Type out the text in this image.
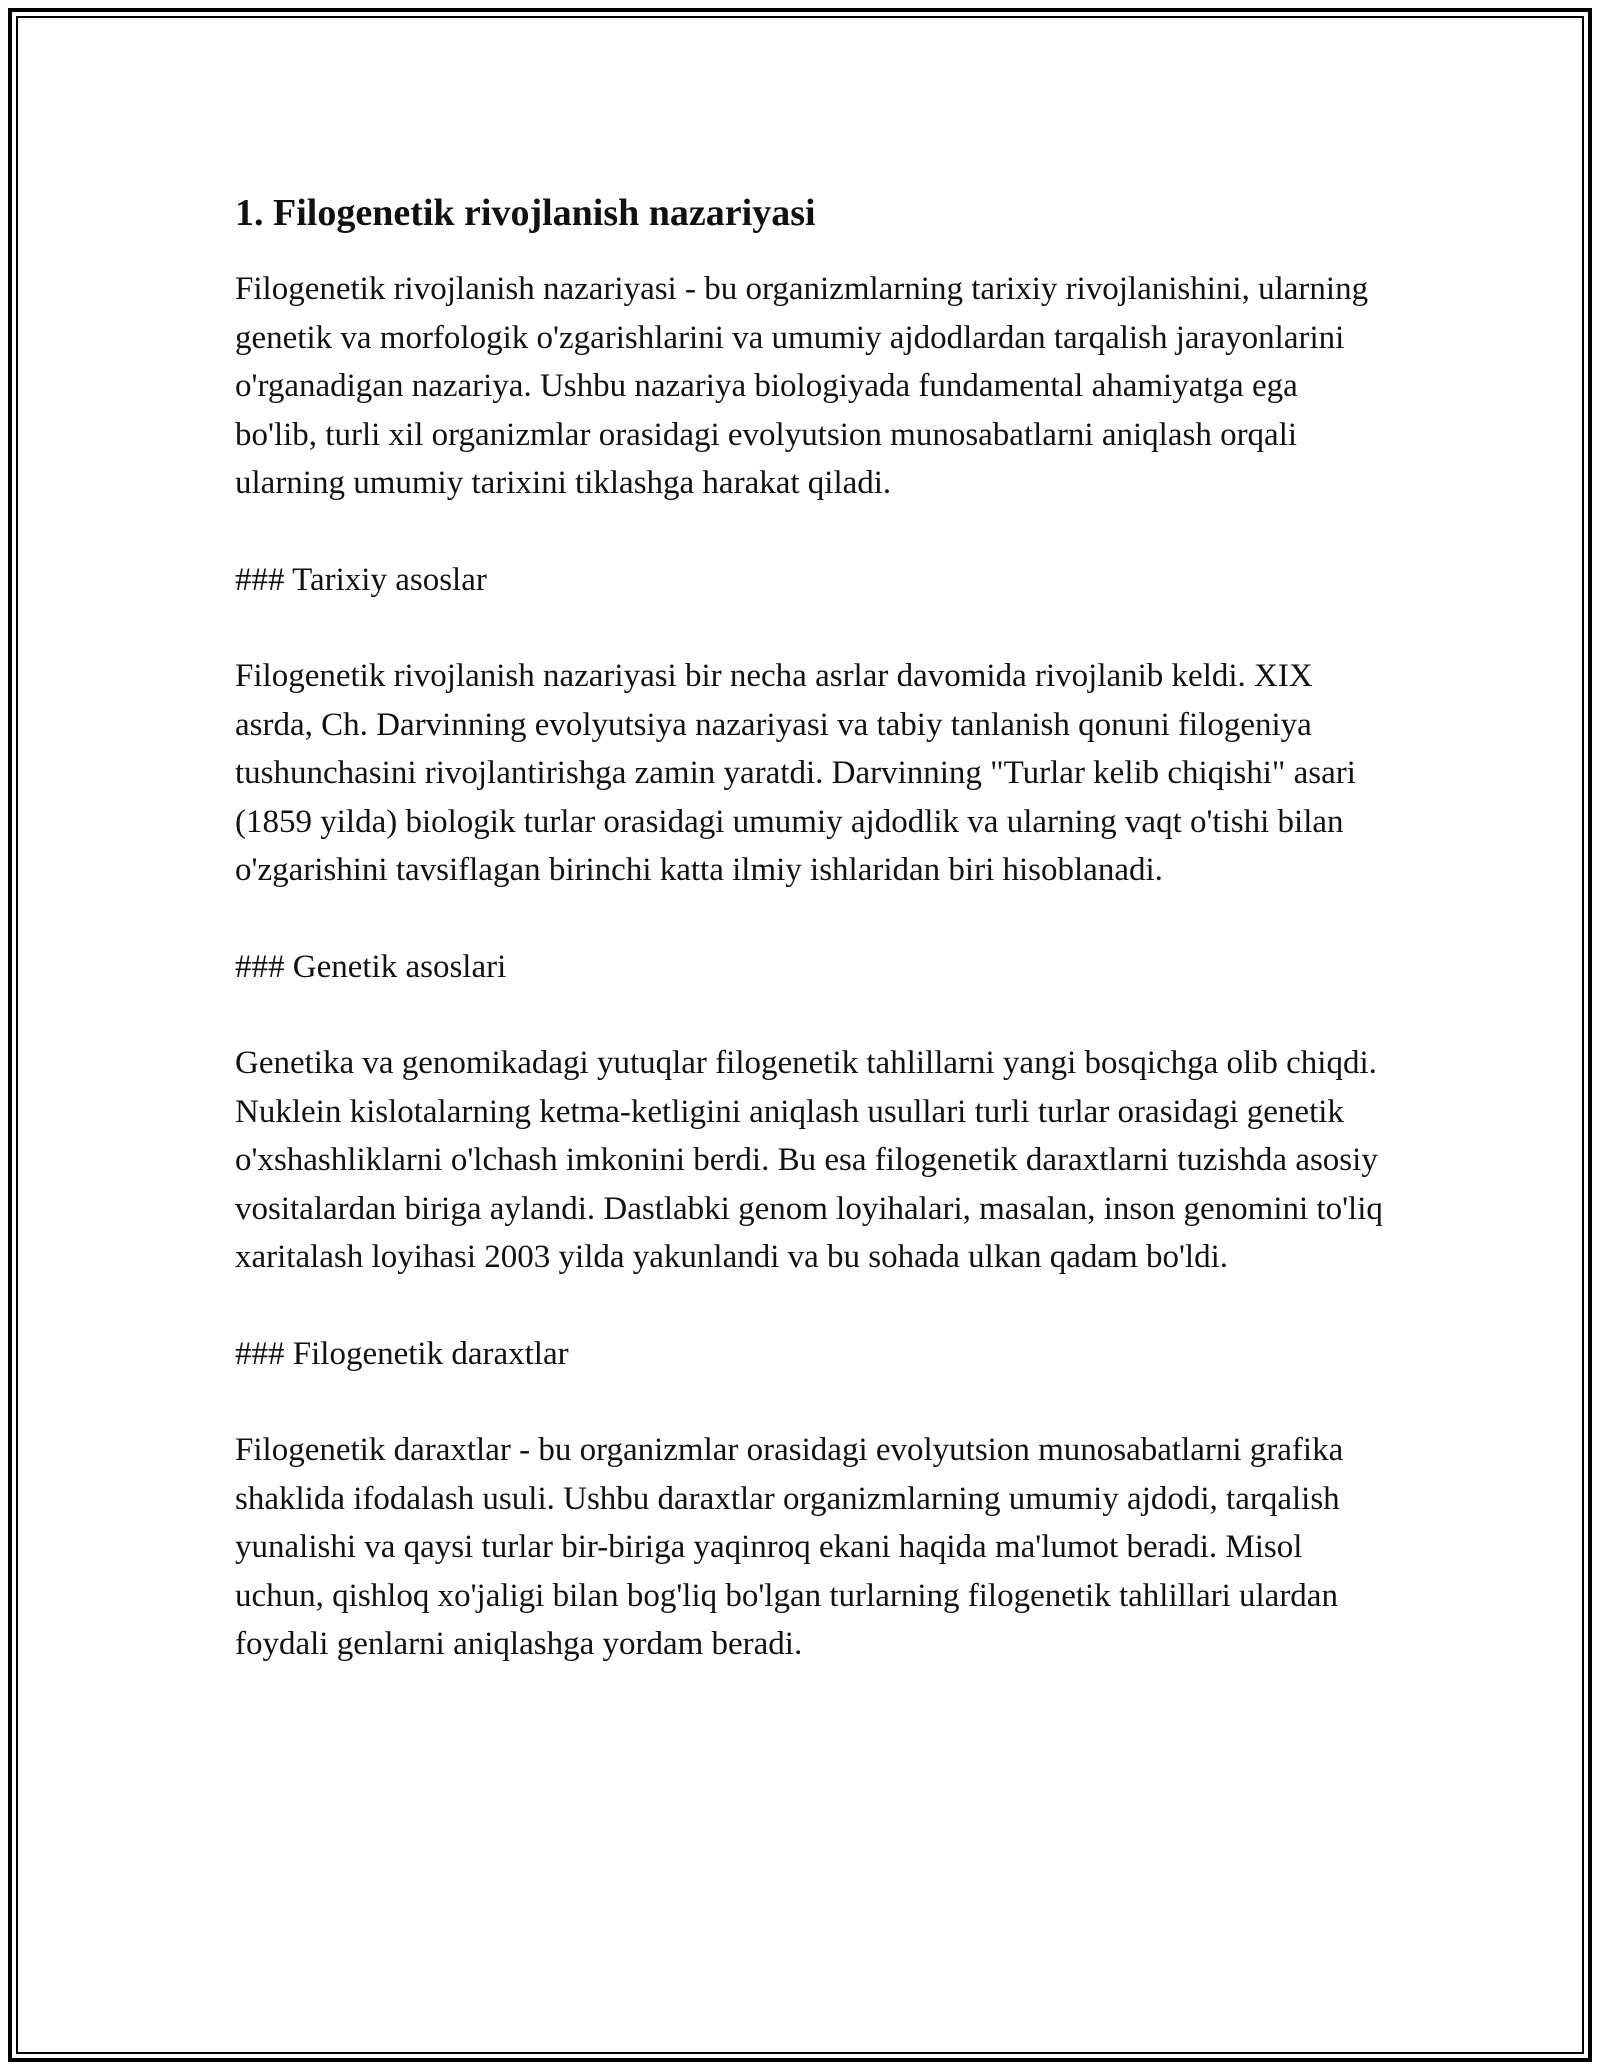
1. Filogenetik rivojlanish nazariyasi

Filogenetik rivojlanish nazariyasi - bu organizmlarning tarixiy rivojlanishini, ularning genetik va morfologik o'zgarishlarini va umumiy ajdodlardan tarqalish jarayonlarini o'rganadigan nazariya. Ushbu nazariya biologiyada fundamental ahamiyatga ega bo'lib, turli xil organizmlar orasidagi evolyutsion munosabatlarni aniqlash orqali ularning umumiy tarixini tiklashga harakat qiladi.

### Tarixiy asoslar

Filogenetik rivojlanish nazariyasi bir necha asrlar davomida rivojlanib keldi. XIX asrda, Ch. Darvinning evolyutsiya nazariyasi va tabiy tanlanish qonuni filogeniya tushunchasini rivojlantirishga zamin yaratdi. Darvinning "Turlar kelib chiqishi" asari (1859 yilda) biologik turlar orasidagi umumiy ajdodlik va ularning vaqt o'tishi bilan o'zgarishini tavsiflagan birinchi katta ilmiy ishlaridan biri hisoblanadi.

### Genetik asoslari

Genetika va genomikadagi yutuqlar filogenetik tahlillarni yangi bosqichga olib chiqdi. Nuklein kislotalarning ketma-ketligini aniqlash usullari turli turlar orasidagi genetik o'xshashliklarni o'lchash imkonini berdi. Bu esa filogenetik daraxtlarni tuzishda asosiy vositalardan biriga aylandi. Dastlabki genom loyihalari, masalan, inson genomini to'liq xaritalash loyihasi 2003 yilda yakunlandi va bu sohada ulkan qadam bo'ldi.

### Filogenetik daraxtlar

Filogenetik daraxtlar - bu organizmlar orasidagi evolyutsion munosabatlarni grafika shaklida ifodalash usuli. Ushbu daraxtlar organizmlarning umumiy ajdodi, tarqalish yunalishi va qaysi turlar bir-biriga yaqinroq ekani haqida ma'lumot beradi. Misol uchun, qishloq xo'jaligi bilan bog'liq bo'lgan turlarning filogenetik tahlillari ulardan foydali genlarni aniqlashga yordam beradi.
